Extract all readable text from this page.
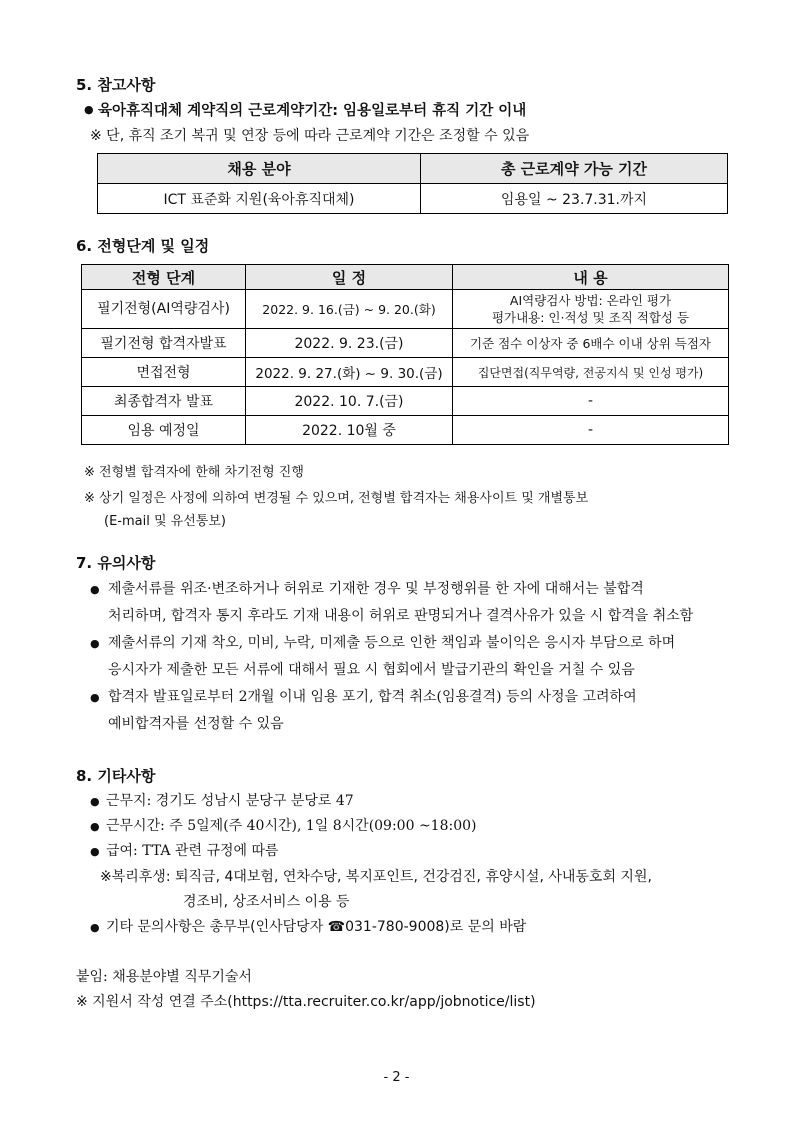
5. 참고사항
● 육아휴직대체 계약직의 근로계약기간: 임용일로부터 휴직 기간 이내
※ 단, 휴직 조기 복귀 및 연장 등에 따라 근로계약 기간은 조정할 수 있음
채용 분야	총 근로계약 가능 기간
ICT 표준화 지원(육아휴직대체)	임용일 ~ 23.7.31.까지
6. 전형단계 및 일정
전형 단계	일 정	내 용
필기전형(AI역량검사)	2022. 9. 16.(금) ~ 9. 20.(화)	AI역량검사 방법: 온라인 평가
평가내용: 인·적성 및 조직 적합성 등

필기전형 합격자발표	2022. 9. 23.(금)	기준 점수 이상자 중 6배수 이내 상위 득점자
면접전형	2022. 9. 27.(화) ~ 9. 30.(금)	집단면접(직무역량, 전공지식 및 인성 평가)
최종합격자 발표	2022. 10. 7.(금)	-
임용 예정일	2022. 10월 중	-
※ 전형별 합격자에 한해 차기전형 진행
※ 상기 일정은 사정에 의하여 변경될 수 있으며, 전형별 합격자는 채용사이트 및 개별통보
(E-mail 및 유선통보)
7. 유의사항
● 제출서류를 위조·변조하거나 허위로 기재한 경우 및 부정행위를 한 자에 대해서는 불합격
처리하며, 합격자 통지 후라도 기재 내용이 허위로 판명되거나 결격사유가 있을 시 합격을 취소함
● 제출서류의 기재 착오, 미비, 누락, 미제출 등으로 인한 책임과 불이익은 응시자 부담으로 하며
응시자가 제출한 모든 서류에 대해서 필요 시 협회에서 발급기관의 확인을 거칠 수 있음
● 합격자 발표일로부터 2개월 이내 임용 포기, 합격 취소(임용결격) 등의 사정을 고려하여
예비합격자를 선정할 수 있음
8. 기타사항
● 근무지: 경기도 성남시 분당구 분당로 47
● 근무시간: 주 5일제(주 40시간), 1일 8시간(09:00 ~18:00)
● 급여: TTA 관련 규정에 따름
※복리후생: 퇴직금, 4대보험, 연차수당, 복지포인트, 건강검진, 휴양시설, 사내동호회 지원,
경조비, 상조서비스 이용 등
● 기타 문의사항은 총무부(인사담당자 ☎031-780-9008)로 문의 바람
붙임: 채용분야별 직무기술서
※ 지원서 작성 연결 주소(https://tta.recruiter.co.kr/app/jobnotice/list)
- 2 -
